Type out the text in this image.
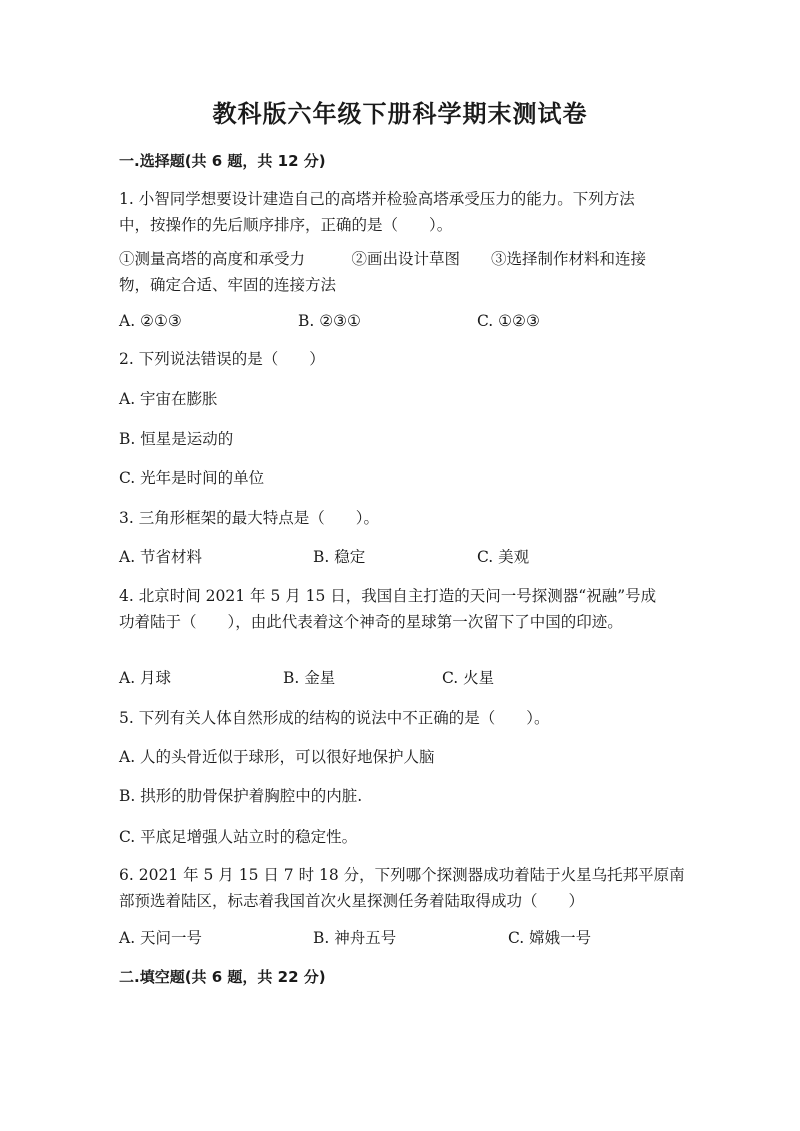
教科版六年级下册科学期末测试卷
一.选择题(共 6 题，共 12 分)
1. 小智同学想要设计建造自己的高塔并检验高塔承受压力的能力。下列方法
中，按操作的先后顺序排序，正确的是（　　）。
①测量高塔的高度和承受力　　　②画出设计草图　　③选择制作材料和连接
物，确定合适、牢固的连接方法
A. ②①③	B. ②③①	C. ①②③
2. 下列说法错误的是（　　）
A. 宇宙在膨胀
B. 恒星是运动的
C. 光年是时间的单位
3. 三角形框架的最大特点是（　　）。
A. 节省材料	B. 稳定	C. 美观
4. 北京时间 2021 年 5 月 15 日，我国自主打造的天问一号探测器“祝融”号成
功着陆于（　　），由此代表着这个神奇的星球第一次留下了中国的印迹。
A. 月球	B. 金星	C. 火星
5. 下列有关人体自然形成的结构的说法中不正确的是（　　）。
A. 人的头骨近似于球形，可以很好地保护人脑
B. 拱形的肋骨保护着胸腔中的内脏.
C. 平底足增强人站立时的稳定性。
6. 2021 年 5 月 15 日 7 时 18 分，下列哪个探测器成功着陆于火星乌托邦平原南
部预选着陆区，标志着我国首次火星探测任务着陆取得成功（　　）
A. 天问一号	B. 神舟五号	C. 嫦娥一号
二.填空题(共 6 题，共 22 分)
